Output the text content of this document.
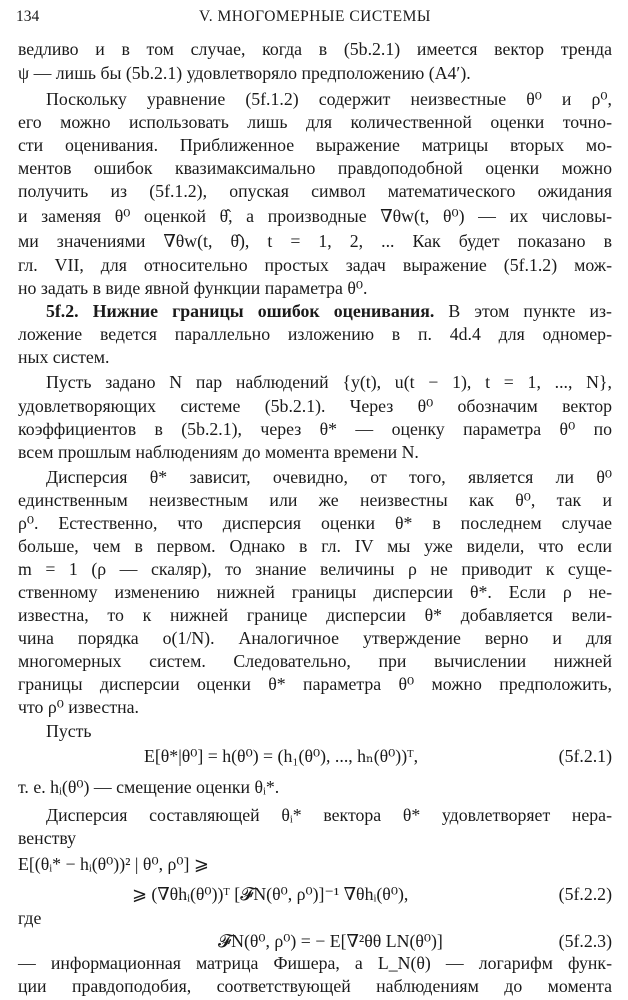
134	V. МНОГОМЕРНЫЕ СИСТЕМЫ
ведливо и в том случае, когда в (5b.2.1) имеется вектор тренда
ψ — лишь бы (5b.2.1) удовлетворяло предположению (A4′).
Поскольку уравнение (5f.1.2) содержит неизвестные θ⁰ и ρ⁰,
его можно использовать лишь для количественной оценки точно-
сти оценивания. Приближенное выражение матрицы вторых мо-
ментов ошибок квазимаксимально правдоподобной оценки можно
получить из (5f.1.2), опуская символ математического ожидания
и заменяя θ⁰ оценкой θ̂, а производные ∇θw(t, θ⁰) — их числовы-
ми значениями ∇θw(t, θ̂), t = 1, 2, ... Как будет показано в
гл. VII, для относительно простых задач выражение (5f.1.2) мож-
но задать в виде явной функции параметра θ⁰.
5f.2. Нижние границы ошибок оценивания. В этом пункте из-
ложение ведется параллельно изложению в п. 4d.4 для одномер-
ных систем.
Пусть задано N пар наблюдений {y(t), u(t − 1), t = 1, ..., N},
удовлетворяющих системе (5b.2.1). Через θ⁰ обозначим вектор
коэффициентов в (5b.2.1), через θ* — оценку параметра θ⁰ по
всем прошлым наблюдениям до момента времени N.
Дисперсия θ* зависит, очевидно, от того, является ли θ⁰
единственным неизвестным или же неизвестны как θ⁰, так и
ρ⁰. Естественно, что дисперсия оценки θ* в последнем случае
больше, чем в первом. Однако в гл. IV мы уже видели, что если
m = 1 (ρ — скаляр), то знание величины ρ не приводит к суще-
ственному изменению нижней границы дисперсии θ*. Если ρ не-
известна, то к нижней границе дисперсии θ* добавляется вели-
чина порядка o(1/N). Аналогичное утверждение верно и для
многомерных систем. Следовательно, при вычислении нижней
границы дисперсии оценки θ* параметра θ⁰ можно предположить,
что ρ⁰ известна.
Пусть
E[θ*|θ⁰] = h(θ⁰) = (h₁(θ⁰), ..., hₙ(θ⁰))ᵀ,	(5f.2.1)
т. е. hᵢ(θ⁰) — смещение оценки θᵢ*.
Дисперсия составляющей θᵢ* вектора θ* удовлетворяет нера-
венству
E[(θᵢ* − hᵢ(θ⁰))² | θ⁰, ρ⁰] ⩾
⩾ (∇θhᵢ(θ⁰))ᵀ [𝓕N(θ⁰, ρ⁰)]⁻¹ ∇θhᵢ(θ⁰),	(5f.2.2)
где
𝓕N(θ⁰, ρ⁰) = − E[∇²θθ LN(θ⁰)]	(5f.2.3)
— информационная матрица Фишера, а L_N(θ) — логарифм функ-
ции правдоподобия, соответствующей наблюдениям до момента
